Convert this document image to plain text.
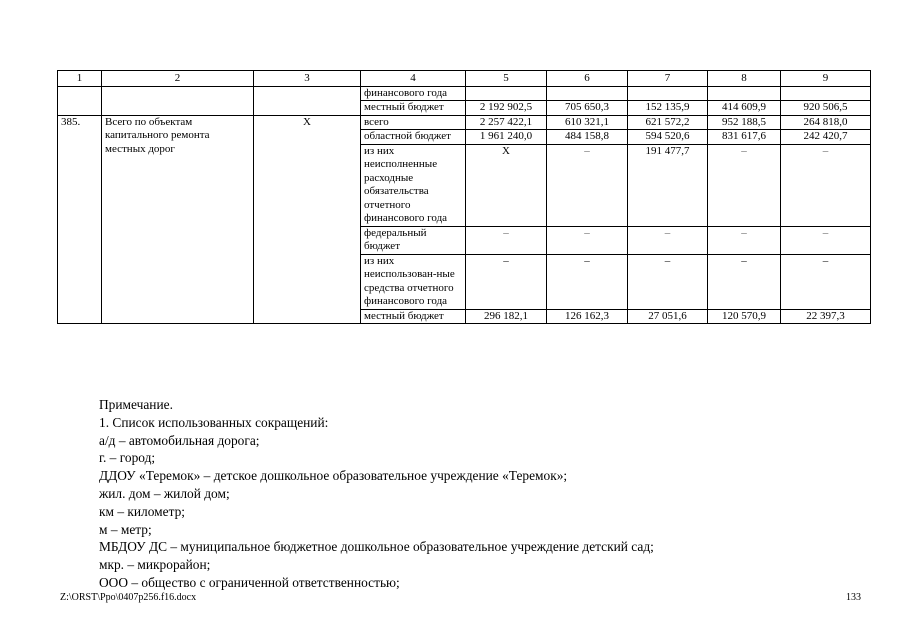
1	2	3	4	5	6	7	8	9
			финансового года					
			местный бюджет	2 192 902,5	705 650,3	152 135,9	414 609,9	920 506,5
385.	Всего по объектам капитального ремонта местных дорог	Х	всего	2 257 422,1	610 321,1	621 572,2	952 188,5	264 818,0
			областной бюджет	1 961 240,0	484 158,8	594 520,6	831 617,6	242 420,7
			из них неисполненные расходные обязательства отчетного финансового года	Х	–	191 477,7	–	–
			федеральный бюджет	–	–	–	–	–
			из них неиспользован-ные средства отчетного финансового года	–	–	–	–	–
			местный бюджет	296 182,1	126 162,3	27 051,6	120 570,9	22 397,3
Примечание.
1. Список использованных сокращений:
а/д – автомобильная дорога;
г. – город;
ДДОУ «Теремок» – детское дошкольное образовательное учреждение «Теремок»;
жил. дом – жилой дом;
км – километр;
м – метр;
МБДОУ ДС – муниципальное бюджетное дошкольное образовательное учреждение детский сад;
мкр. – микрорайон;
ООО – общество с ограниченной ответственностью;
Z:\ORST\Ppo\0407p256.f16.docx	133
